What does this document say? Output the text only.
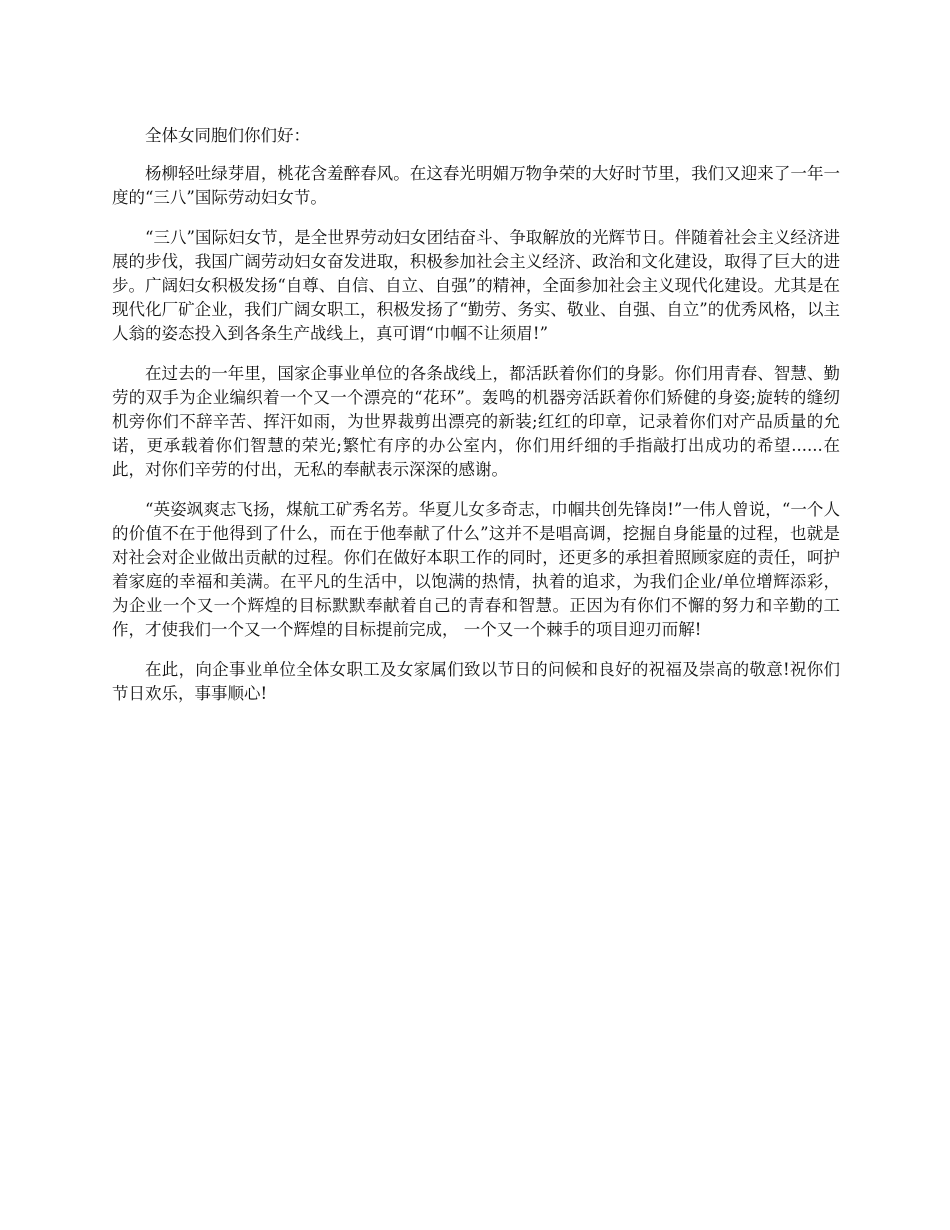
全体女同胞们你们好：

杨柳轻吐绿芽眉，桃花含羞醉春风。在这春光明媚万物争荣的大好时节里，我们又迎来了一年一度的“三八”国际劳动妇女节。

“三八”国际妇女节，是全世界劳动妇女团结奋斗、争取解放的光辉节日。伴随着社会主义经济进展的步伐，我国广阔劳动妇女奋发进取，积极参加社会主义经济、政治和文化建设，取得了巨大的进步。广阔妇女积极发扬“自尊、自信、自立、自强”的精神，全面参加社会主义现代化建设。尤其是在现代化厂矿企业，我们广阔女职工，积极发扬了“勤劳、务实、敬业、自强、自立”的优秀风格，以主人翁的姿态投入到各条生产战线上，真可谓“巾帼不让须眉!”

在过去的一年里，国家企事业单位的各条战线上，都活跃着你们的身影。你们用青春、智慧、勤劳的双手为企业编织着一个又一个漂亮的“花环”。轰鸣的机器旁活跃着你们矫健的身姿;旋转的缝纫机旁你们不辞辛苦、挥汗如雨，为世界裁剪出漂亮的新装;红红的印章，记录着你们对产品质量的允诺，更承载着你们智慧的荣光;繁忙有序的办公室内，你们用纤细的手指敲打出成功的希望......在此，对你们辛劳的付出，无私的奉献表示深深的感谢。

“英姿飒爽志飞扬，煤航工矿秀名芳。华夏儿女多奇志，巾帼共创先锋岗!”一伟人曾说，“一个人的价值不在于他得到了什么，而在于他奉献了什么”这并不是唱高调，挖掘自身能量的过程，也就是对社会对企业做出贡献的过程。你们在做好本职工作的同时，还更多的承担着照顾家庭的责任，呵护着家庭的幸福和美满。在平凡的生活中，以饱满的热情，执着的追求，为我们企业/单位增辉添彩，为企业一个又一个辉煌的目标默默奉献着自己的青春和智慧。正因为有你们不懈的努力和辛勤的工作，才使我们一个又一个辉煌的目标提前完成， 一个又一个棘手的项目迎刃而解!

在此，向企事业单位全体女职工及女家属们致以节日的问候和良好的祝福及崇高的敬意!祝你们节日欢乐，事事顺心!
